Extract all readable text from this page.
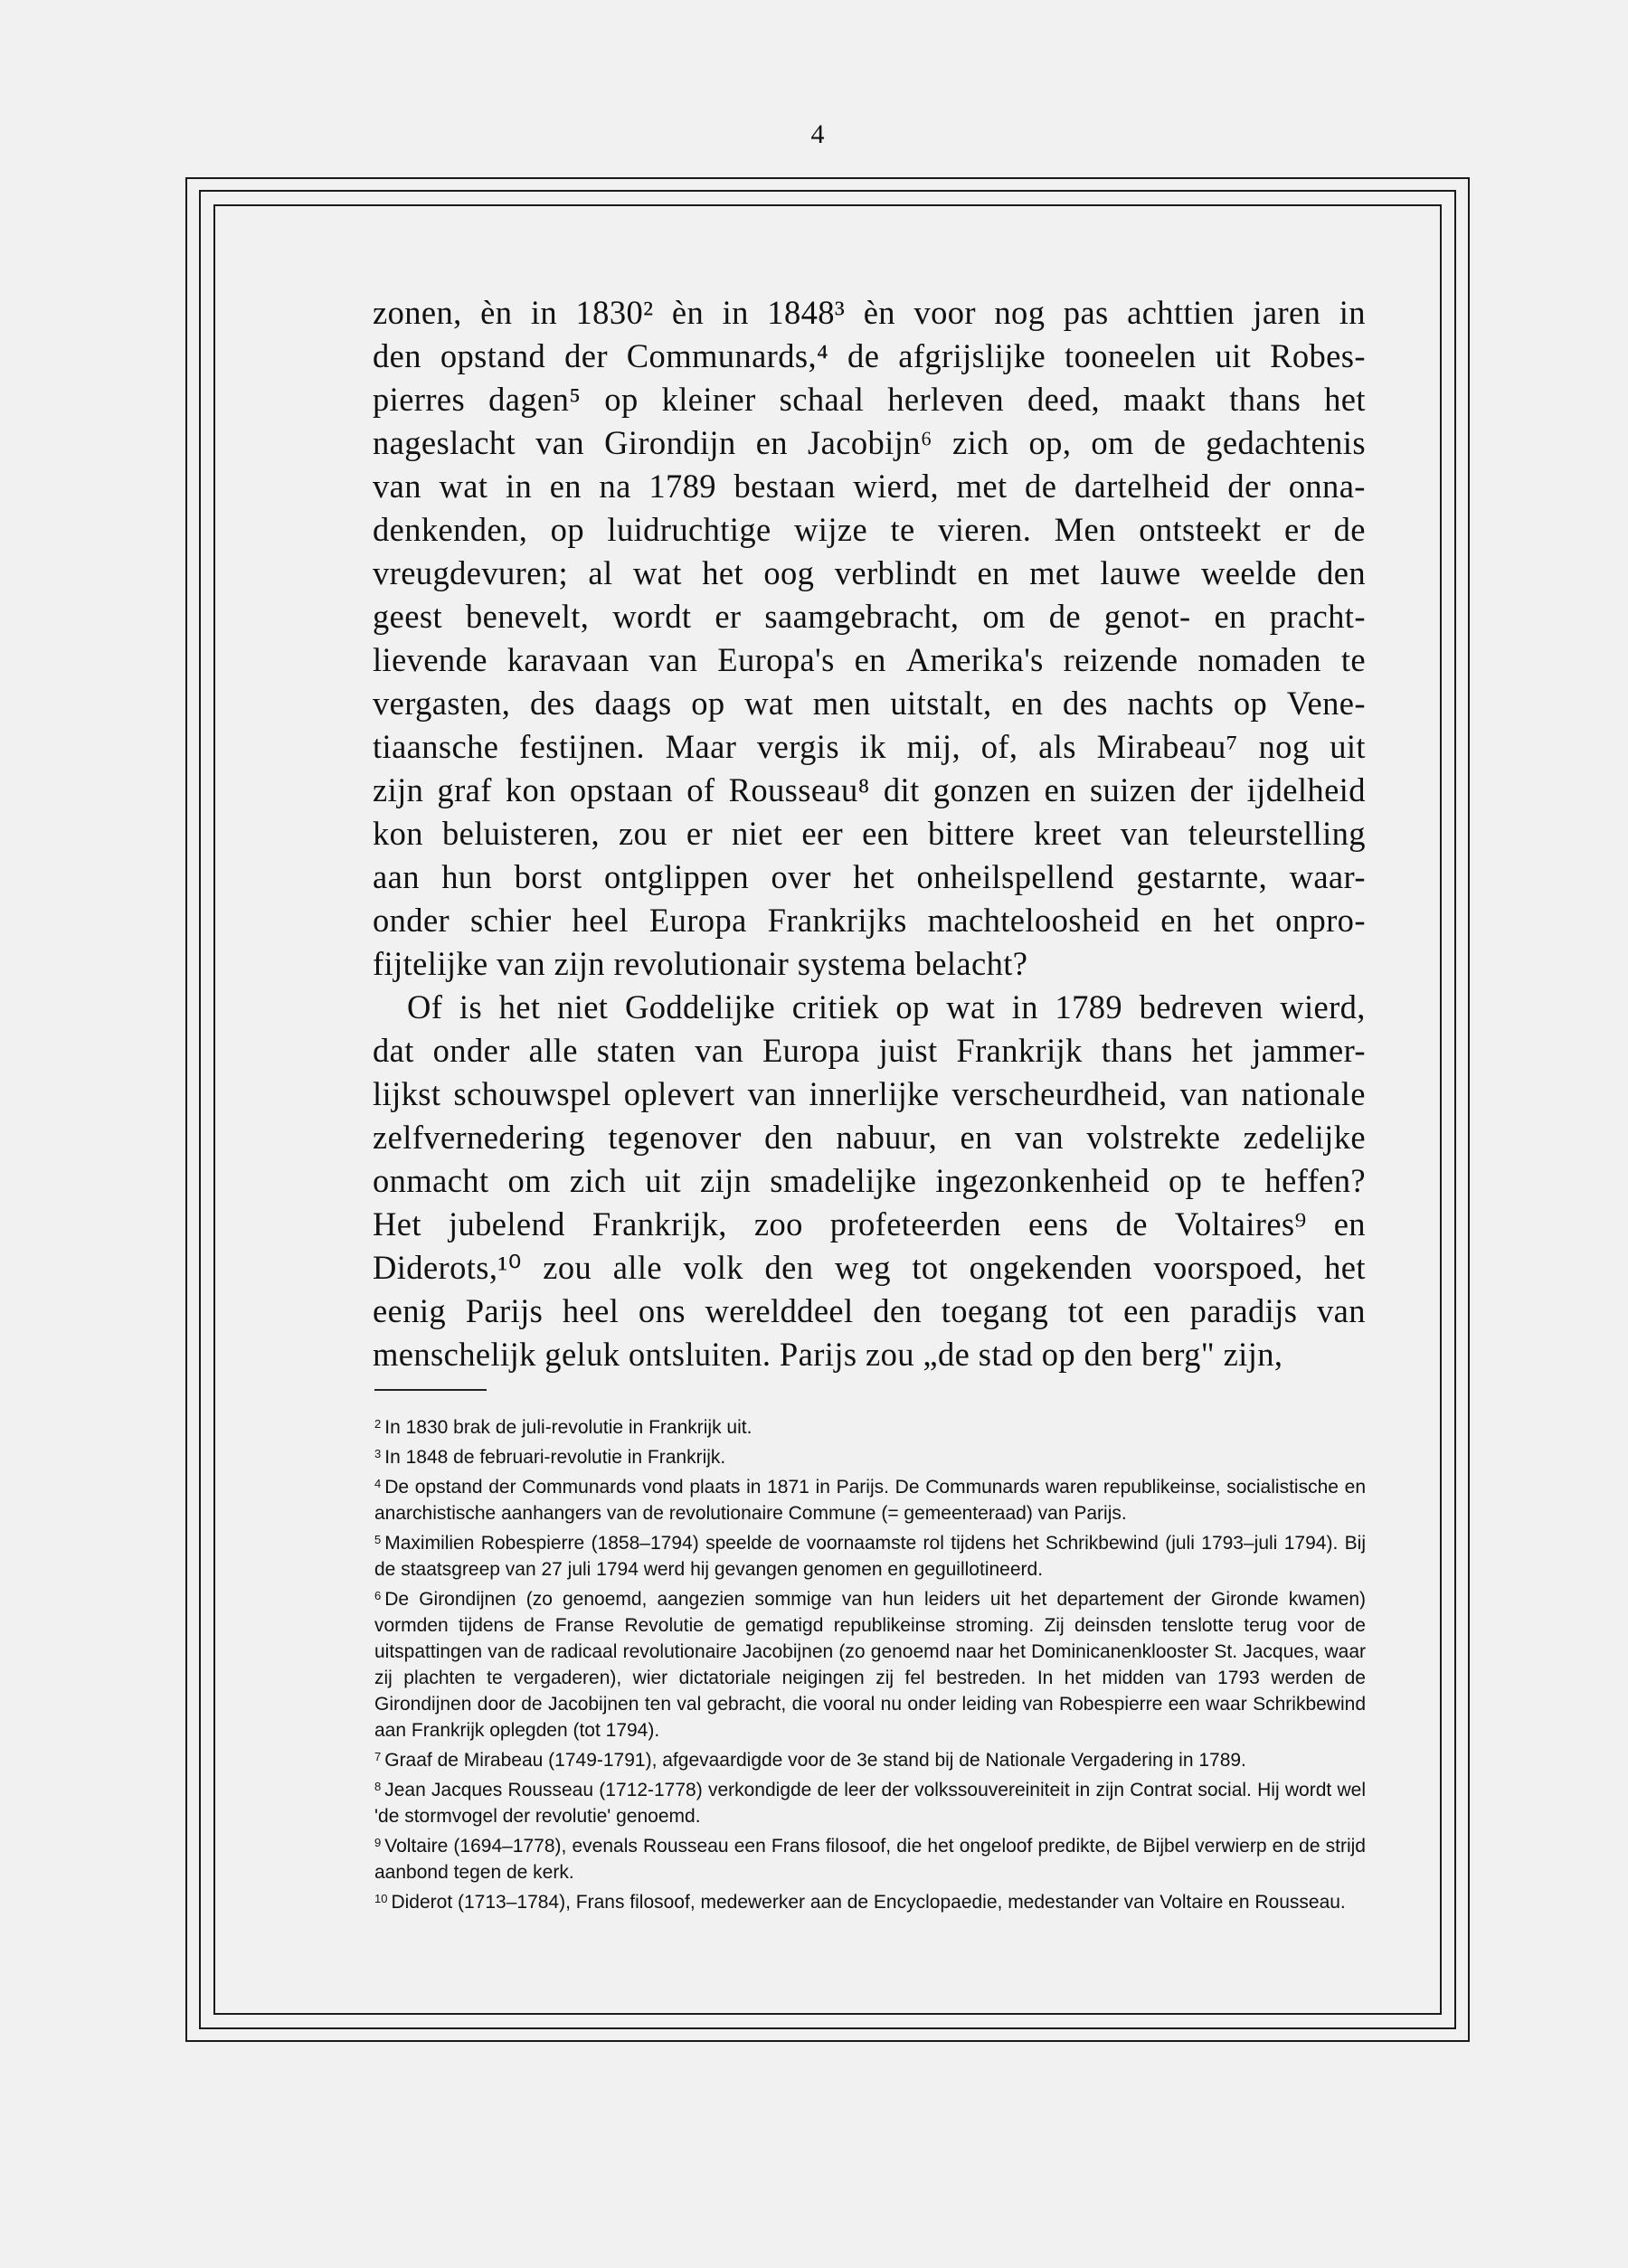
4
zonen, èn in 1830² èn in 1848³ èn voor nog pas achttien jaren in
den opstand der Communards,⁴ de afgrijslijke tooneelen uit Robes-
pierres dagen⁵ op kleiner schaal herleven deed, maakt thans het
nageslacht van Girondijn en Jacobijn⁶ zich op, om de gedachtenis
van wat in en na 1789 bestaan wierd, met de dartelheid der onna-
denkenden, op luidruchtige wijze te vieren. Men ontsteekt er de
vreugdevuren; al wat het oog verblindt en met lauwe weelde den
geest benevelt, wordt er saamgebracht, om de genot- en pracht-
lievende karavaan van Europa's en Amerika's reizende nomaden te
vergasten, des daags op wat men uitstalt, en des nachts op Vene-
tiaansche festijnen. Maar vergis ik mij, of, als Mirabeau⁷ nog uit
zijn graf kon opstaan of Rousseau⁸ dit gonzen en suizen der ijdelheid
kon beluisteren, zou er niet eer een bittere kreet van teleurstelling
aan hun borst ontglippen over het onheilspellend gestarnte, waar-
onder schier heel Europa Frankrijks machteloosheid en het onpro-
fijtelijke van zijn revolutionair systema belacht?
Of is het niet Goddelijke critiek op wat in 1789 bedreven wierd,
dat onder alle staten van Europa juist Frankrijk thans het jammer-
lijkst schouwspel oplevert van innerlijke verscheurdheid, van nationale
zelfvernedering tegenover den nabuur, en van volstrekte zedelijke
onmacht om zich uit zijn smadelijke ingezonkenheid op te heffen?
Het jubelend Frankrijk, zoo profeteerden eens de Voltaires⁹ en
Diderots,¹⁰ zou alle volk den weg tot ongekenden voorspoed, het
eenig Parijs heel ons werelddeel den toegang tot een paradijs van
menschelijk geluk ontsluiten. Parijs zou „de stad op den berg" zijn,

$^2$ In 1830 brak de juli-revolutie in Frankrijk uit.

$^3$ In 1848 de februari-revolutie in Frankrijk.

$^4$ De opstand der Communards vond plaats in 1871 in Parijs. De Communards waren republikeinse, socialistische en anarchistische aanhangers van de revolutionaire Commune (= gemeenteraad) van Parijs.

$^5$ Maximilien Robespierre (1858–1794) speelde de voornaamste rol tijdens het Schrikbewind (juli 1793–juli 1794). Bij de staatsgreep van 27 juli 1794 werd hij gevangen genomen en geguillotineerd.

$^6$ De Girondijnen (zo genoemd, aangezien sommige van hun leiders uit het departement der Gironde kwamen) vormden tijdens de Franse Revolutie de gematigd republikeinse stroming. Zij deinsden tenslotte terug voor de uitspattingen van de radicaal revolutionaire Jacobijnen (zo genoemd naar het Dominicanenklooster St. Jacques, waar zij plachten te vergaderen), wier dictatoriale neigingen zij fel bestreden. In het midden van 1793 werden de Girondijnen door de Jacobijnen ten val gebracht, die vooral nu onder leiding van Robespierre een waar Schrikbewind aan Frankrijk oplegden (tot 1794).

$^7$ Graaf de Mirabeau (1749-1791), afgevaardigde voor de 3e stand bij de Nationale Vergadering in 1789.

$^8$ Jean Jacques Rousseau (1712-1778) verkondigde de leer der volkssouvereiniteit in zijn Contrat social. Hij wordt wel 'de stormvogel der revolutie' genoemd.

$^9$ Voltaire (1694–1778), evenals Rousseau een Frans filosoof, die het ongeloof predikte, de Bijbel verwierp en de strijd aanbond tegen de kerk.

$^{10}$ Diderot (1713–1784), Frans filosoof, medewerker aan de Encyclopaedie, medestander van Voltaire en Rousseau.
